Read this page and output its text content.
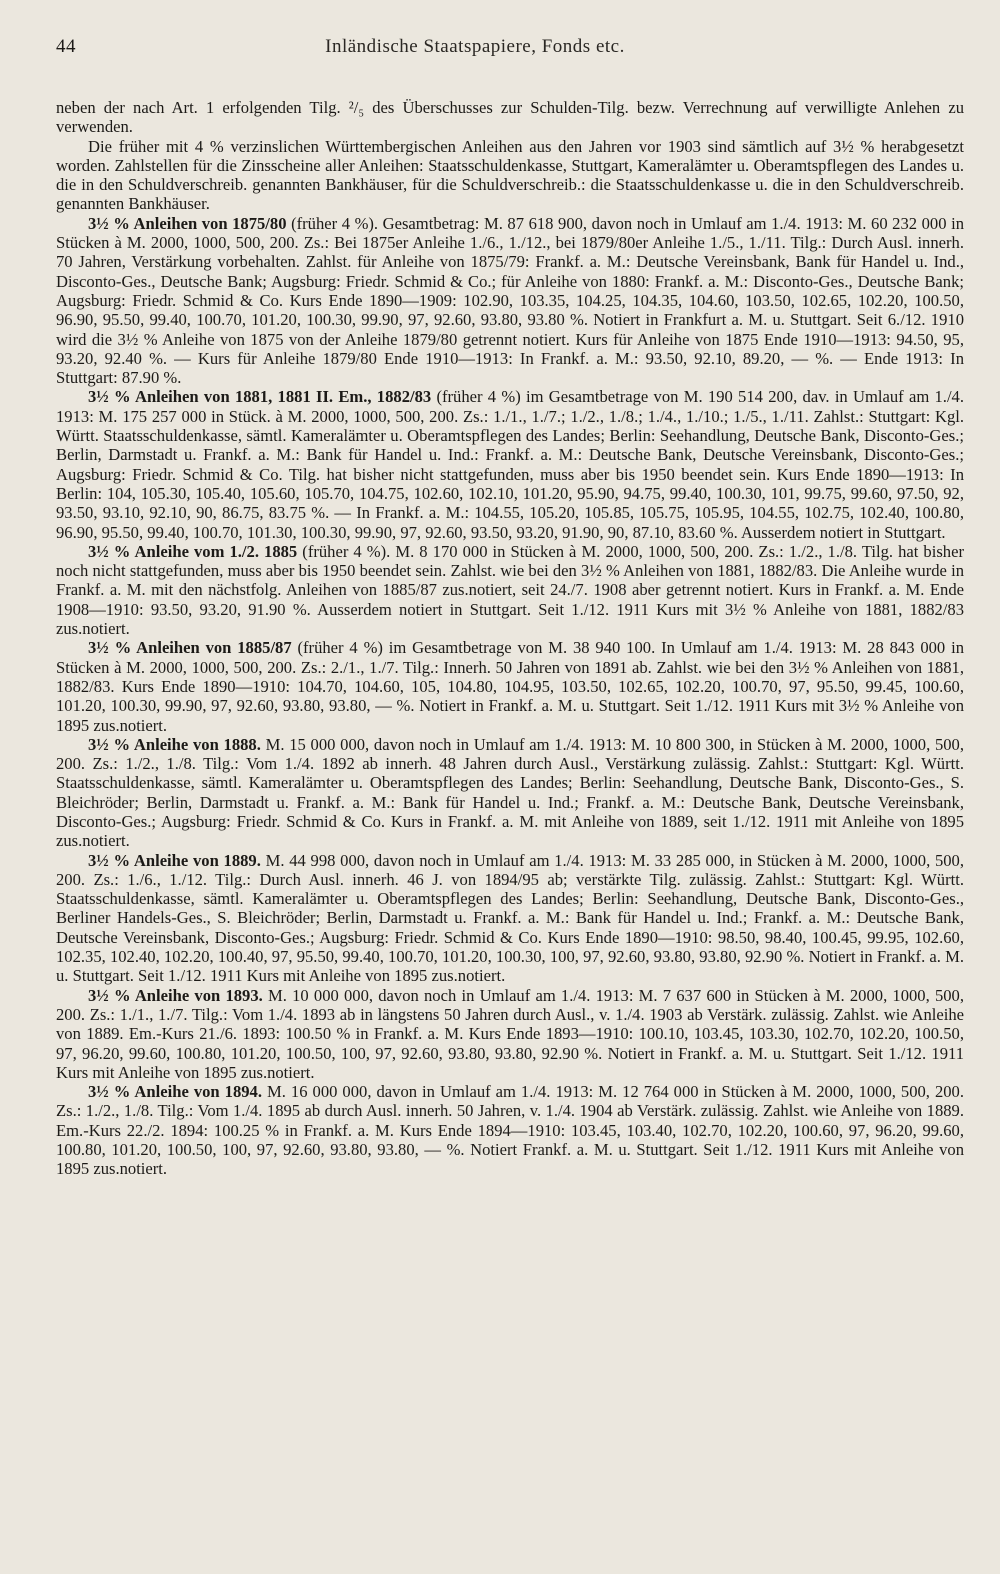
44	Inländische Staatspapiere, Fonds etc.

neben der nach Art. 1 erfolgenden Tilg. ²/₅ des Überschusses zur Schulden-Tilg. bezw. Verrechnung auf verwilligte Anlehen zu verwenden.

Die früher mit 4 % verzinslichen Württembergischen Anleihen aus den Jahren vor 1903 sind sämtlich auf 3½ % herabgesetzt worden. Zahlstellen für die Zinsscheine aller Anleihen: Staatsschuldenkasse, Stuttgart, Kameralämter u. Oberamtspflegen des Landes u. die in den Schuldverschreib. genannten Bankhäuser, für die Schuldverschreib.: die Staatsschuldenkasse u. die in den Schuldverschreib. genannten Bankhäuser.

3½ % Anleihen von 1875/80 (früher 4 %). Gesamtbetrag: M. 87 618 900, davon noch in Umlauf am 1./4. 1913: M. 60 232 000 in Stücken à M. 2000, 1000, 500, 200. Zs.: Bei 1875er Anleihe 1./6., 1./12., bei 1879/80er Anleihe 1./5., 1./11. Tilg.: Durch Ausl. innerh. 70 Jahren, Verstärkung vorbehalten. Zahlst. für Anleihe von 1875/79: Frankf. a. M.: Deutsche Vereinsbank, Bank für Handel u. Ind., Disconto-Ges., Deutsche Bank; Augsburg: Friedr. Schmid & Co.; für Anleihe von 1880: Frankf. a. M.: Disconto-Ges., Deutsche Bank; Augsburg: Friedr. Schmid & Co. Kurs Ende 1890—1909: 102.90, 103.35, 104.25, 104.35, 104.60, 103.50, 102.65, 102.20, 100.50, 96.90, 95.50, 99.40, 100.70, 101.20, 100.30, 99.90, 97, 92.60, 93.80, 93.80 %. Notiert in Frankfurt a. M. u. Stuttgart. Seit 6./12. 1910 wird die 3½ % Anleihe von 1875 von der Anleihe 1879/80 getrennt notiert. Kurs für Anleihe von 1875 Ende 1910—1913: 94.50, 95, 93.20, 92.40 %. — Kurs für Anleihe 1879/80 Ende 1910—1913: In Frankf. a. M.: 93.50, 92.10, 89.20, — %. — Ende 1913: In Stuttgart: 87.90 %.

3½ % Anleihen von 1881, 1881 II. Em., 1882/83 (früher 4 %) im Gesamtbetrage von M. 190 514 200, dav. in Umlauf am 1./4. 1913: M. 175 257 000 in Stück. à M. 2000, 1000, 500, 200. Zs.: 1./1., 1./7.; 1./2., 1./8.; 1./4., 1./10.; 1./5., 1./11. Zahlst.: Stuttgart: Kgl. Württ. Staatsschuldenkasse, sämtl. Kameralämter u. Oberamtspflegen des Landes; Berlin: Seehandlung, Deutsche Bank, Disconto-Ges.; Berlin, Darmstadt u. Frankf. a. M.: Bank für Handel u. Ind.: Frankf. a. M.: Deutsche Bank, Deutsche Vereinsbank, Disconto-Ges.; Augsburg: Friedr. Schmid & Co. Tilg. hat bisher nicht stattgefunden, muss aber bis 1950 beendet sein. Kurs Ende 1890—1913: In Berlin: 104, 105.30, 105.40, 105.60, 105.70, 104.75, 102.60, 102.10, 101.20, 95.90, 94.75, 99.40, 100.30, 101, 99.75, 99.60, 97.50, 92, 93.50, 93.10, 92.10, 90, 86.75, 83.75 %. — In Frankf. a. M.: 104.55, 105.20, 105.85, 105.75, 105.95, 104.55, 102.75, 102.40, 100.80, 96.90, 95.50, 99.40, 100.70, 101.30, 100.30, 99.90, 97, 92.60, 93.50, 93.20, 91.90, 90, 87.10, 83.60 %. Ausserdem notiert in Stuttgart.

3½ % Anleihe vom 1./2. 1885 (früher 4 %). M. 8 170 000 in Stücken à M. 2000, 1000, 500, 200. Zs.: 1./2., 1./8. Tilg. hat bisher noch nicht stattgefunden, muss aber bis 1950 beendet sein. Zahlst. wie bei den 3½ % Anleihen von 1881, 1882/83. Die Anleihe wurde in Frankf. a. M. mit den nächstfolg. Anleihen von 1885/87 zus.notiert, seit 24./7. 1908 aber getrennt notiert. Kurs in Frankf. a. M. Ende 1908—1910: 93.50, 93.20, 91.90 %. Ausserdem notiert in Stuttgart. Seit 1./12. 1911 Kurs mit 3½ % Anleihe von 1881, 1882/83 zus.notiert.

3½ % Anleihen von 1885/87 (früher 4 %) im Gesamtbetrage von M. 38 940 100. In Umlauf am 1./4. 1913: M. 28 843 000 in Stücken à M. 2000, 1000, 500, 200. Zs.: 2./1., 1./7. Tilg.: Innerh. 50 Jahren von 1891 ab. Zahlst. wie bei den 3½ % Anleihen von 1881, 1882/83. Kurs Ende 1890—1910: 104.70, 104.60, 105, 104.80, 104.95, 103.50, 102.65, 102.20, 100.70, 97, 95.50, 99.45, 100.60, 101.20, 100.30, 99.90, 97, 92.60, 93.80, 93.80, — %. Notiert in Frankf. a. M. u. Stuttgart. Seit 1./12. 1911 Kurs mit 3½ % Anleihe von 1895 zus.notiert.

3½ % Anleihe von 1888. M. 15 000 000, davon noch in Umlauf am 1./4. 1913: M. 10 800 300, in Stücken à M. 2000, 1000, 500, 200. Zs.: 1./2., 1./8. Tilg.: Vom 1./4. 1892 ab innerh. 48 Jahren durch Ausl., Verstärkung zulässig. Zahlst.: Stuttgart: Kgl. Württ. Staatsschuldenkasse, sämtl. Kameralämter u. Oberamtspflegen des Landes; Berlin: Seehandlung, Deutsche Bank, Disconto-Ges., S. Bleichröder; Berlin, Darmstadt u. Frankf. a. M.: Bank für Handel u. Ind.; Frankf. a. M.: Deutsche Bank, Deutsche Vereinsbank, Disconto-Ges.; Augsburg: Friedr. Schmid & Co. Kurs in Frankf. a. M. mit Anleihe von 1889, seit 1./12. 1911 mit Anleihe von 1895 zus.notiert.

3½ % Anleihe von 1889. M. 44 998 000, davon noch in Umlauf am 1./4. 1913: M. 33 285 000, in Stücken à M. 2000, 1000, 500, 200. Zs.: 1./6., 1./12. Tilg.: Durch Ausl. innerh. 46 J. von 1894/95 ab; verstärkte Tilg. zulässig. Zahlst.: Stuttgart: Kgl. Württ. Staatsschuldenkasse, sämtl. Kameralämter u. Oberamtspflegen des Landes; Berlin: Seehandlung, Deutsche Bank, Disconto-Ges., Berliner Handels-Ges., S. Bleichröder; Berlin, Darmstadt u. Frankf. a. M.: Bank für Handel u. Ind.; Frankf. a. M.: Deutsche Bank, Deutsche Vereinsbank, Disconto-Ges.; Augsburg: Friedr. Schmid & Co. Kurs Ende 1890—1910: 98.50, 98.40, 100.45, 99.95, 102.60, 102.35, 102.40, 102.20, 100.40, 97, 95.50, 99.40, 100.70, 101.20, 100.30, 100, 97, 92.60, 93.80, 93.80, 92.90 %. Notiert in Frankf. a. M. u. Stuttgart. Seit 1./12. 1911 Kurs mit Anleihe von 1895 zus.notiert.

3½ % Anleihe von 1893. M. 10 000 000, davon noch in Umlauf am 1./4. 1913: M. 7 637 600 in Stücken à M. 2000, 1000, 500, 200. Zs.: 1./1., 1./7. Tilg.: Vom 1./4. 1893 ab in längstens 50 Jahren durch Ausl., v. 1./4. 1903 ab Verstärk. zulässig. Zahlst. wie Anleihe von 1889. Em.-Kurs 21./6. 1893: 100.50 % in Frankf. a. M. Kurs Ende 1893—1910: 100.10, 103.45, 103.30, 102.70, 102.20, 100.50, 97, 96.20, 99.60, 100.80, 101.20, 100.50, 100, 97, 92.60, 93.80, 93.80, 92.90 %. Notiert in Frankf. a. M. u. Stuttgart. Seit 1./12. 1911 Kurs mit Anleihe von 1895 zus.notiert.

3½ % Anleihe von 1894. M. 16 000 000, davon in Umlauf am 1./4. 1913: M. 12 764 000 in Stücken à M. 2000, 1000, 500, 200. Zs.: 1./2., 1./8. Tilg.: Vom 1./4. 1895 ab durch Ausl. innerh. 50 Jahren, v. 1./4. 1904 ab Verstärk. zulässig. Zahlst. wie Anleihe von 1889. Em.-Kurs 22./2. 1894: 100.25 % in Frankf. a. M. Kurs Ende 1894—1910: 103.45, 103.40, 102.70, 102.20, 100.60, 97, 96.20, 99.60, 100.80, 101.20, 100.50, 100, 97, 92.60, 93.80, 93.80, — %. Notiert Frankf. a. M. u. Stuttgart. Seit 1./12. 1911 Kurs mit Anleihe von 1895 zus.notiert.
